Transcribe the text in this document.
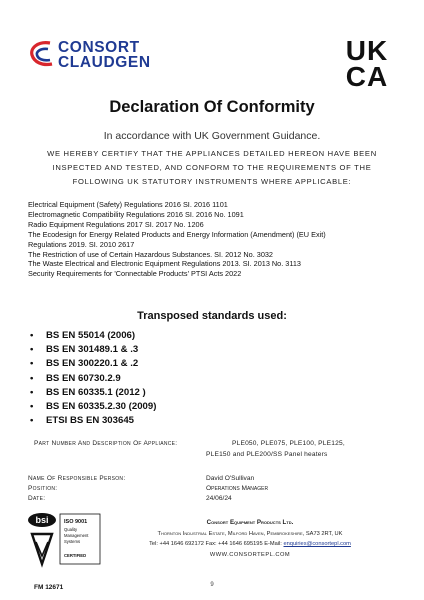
CONSORT
CLAUDGEN	UK
CA
Declaration Of Conformity
In accordance with UK Government Guidance.
WE HEREBY CERTIFY THAT THE APPLIANCES DETAILED HEREON HAVE BEEN
INSPECTED AND TESTED, AND CONFORM TO THE REQUIREMENTS OF THE
FOLLOWING UK STATUTORY INSTRUMENTS WHERE APPLICABLE:
Electrical Equipment (Safety) Regulations 2016 SI. 2016 1101
Electromagnetic Compatibility Regulations 2016 SI. 2016 No. 1091
Radio Equipment Regulations 2017 SI. 2017 No. 1206
The Ecodesign for Energy Related Products and Energy Information (Amendment) (EU Exit)
Regulations 2019. SI. 2010 2617
The Restriction of use of Certain Hazardous Substances. SI. 2012 No. 3032
The Waste Electrical and Electronic Equipment Regulations 2013. SI. 2013 No. 3113
Security Requirements for 'Connectable Products' PTSI Acts 2022
Transposed standards used:
• BS EN 55014 (2006)
• BS EN 301489.1 & .3
• BS EN 300220.1 & .2
• BS EN 60730.2.9
• BS EN 60335.1 (2012 )
• BS EN 60335.2.30 (2009)
• ETSI BS EN 303645
Part Number And Description Of Appliance:	PLE050, PLE075, PLE100, PLE125,
PLE150 and PLE200/SS Panel heaters
Name Of Responsible Person:	David O'Sullivan
Position:	Operations Manager
Date:	24/06/24
bsi	ISO 9001
Quality
Management
Systems
CERTIFIED
FM 12671
Consort Equipment Products Ltd.
Thornton Industrial Estate, Milford Haven, Pembrokeshire, SA73 2RT, UK
Tel: +44 1646 692172 Fax: +44 1646 695195 E-Mail: enquiries@consortepl.com
WWW.CONSORTEPL.COM
9
